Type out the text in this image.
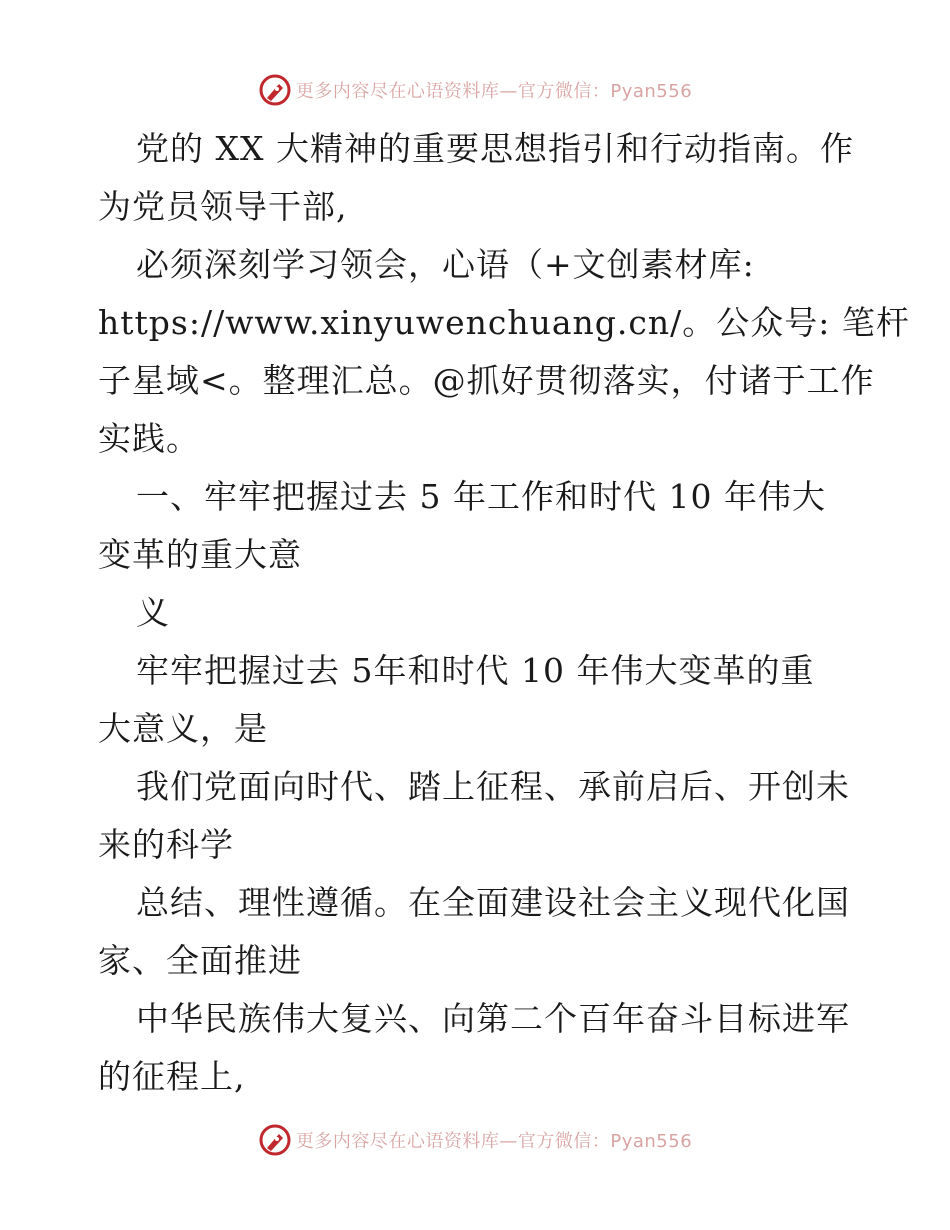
更多内容尽在心语资料库—官方微信：Pyan556
党的 XX 大精神的重要思想指引和行动指南。作
为党员领导干部,
必须深刻学习领会，心语（+文创素材库:
https://www.xinyuwenchuang.cn/。公众号: 笔杆
子星域<。整理汇总。@抓好贯彻落实，付诸于工作
实践。
一、牢牢把握过去 5 年工作和时代 10 年伟大
变革的重大意
义
牢牢把握过去 5年和时代 10 年伟大变革的重
大意义，是
我们党面向时代、踏上征程、承前启后、开创未
来的科学
总结、理性遵循。在全面建设社会主义现代化国
家、全面推进
中华民族伟大复兴、向第二个百年奋斗目标进军
的征程上,
更多内容尽在心语资料库—官方微信：Pyan556
